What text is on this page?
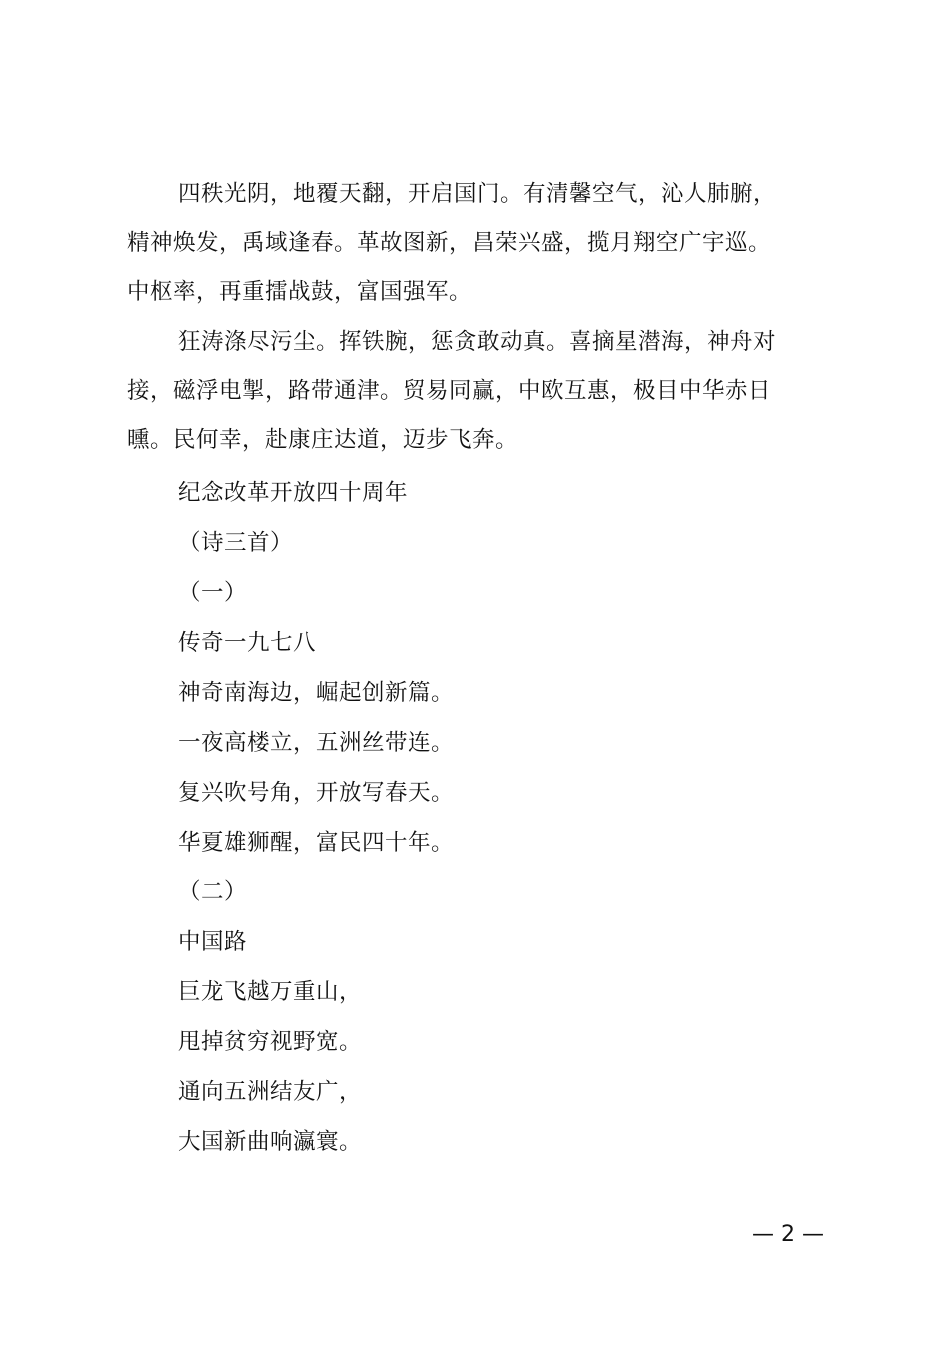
四秩光阴，地覆天翻，开启国门。有清馨空气，沁人肺腑，精神焕发，禹域逢春。革故图新，昌荣兴盛，揽月翔空广宇巡。中枢率，再重擂战鼓，富国强军。

狂涛涤尽污尘。挥铁腕，惩贪敢动真。喜摘星潜海，神舟对接，磁浮电掣，路带通津。贸易同赢，中欧互惠，极目中华赤日曛。民何幸，赴康庄达道，迈步飞奔。

纪念改革开放四十周年

（诗三首）

（一）

传奇一九七八

神奇南海边，崛起创新篇。

一夜高楼立，五洲丝带连。

复兴吹号角，开放写春天。

华夏雄狮醒，富民四十年。

（二）

中国路

巨龙飞越万重山，

甩掉贫穷视野宽。

通向五洲结友广，

大国新曲响瀛寰。

— 2 —
